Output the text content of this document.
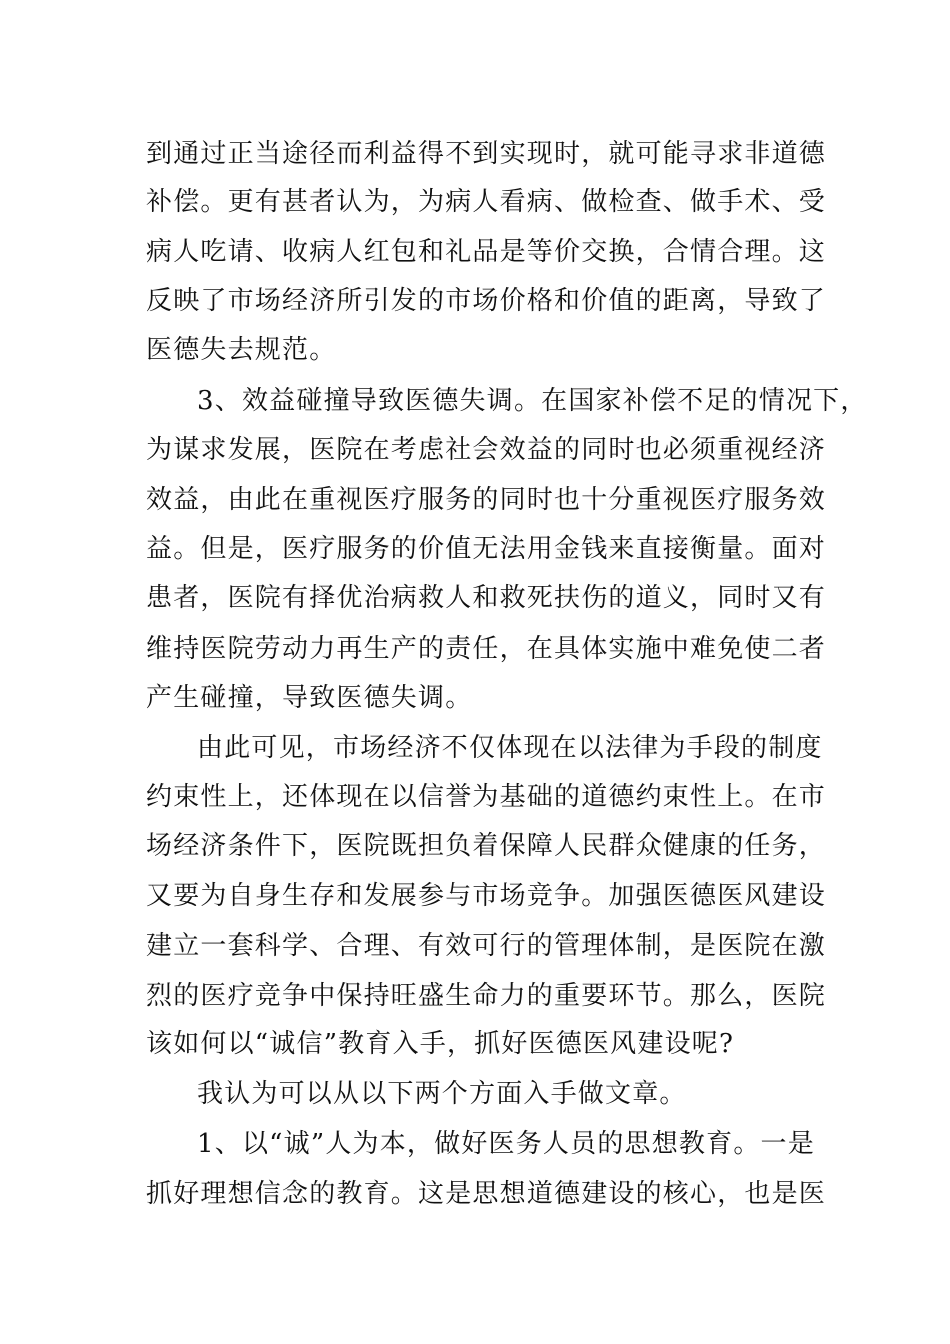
到通过正当途径而利益得不到实现时，就可能寻求非道德

补偿。更有甚者认为，为病人看病、做检查、做手术、受

病人吃请、收病人红包和礼品是等价交换，合情合理。这

反映了市场经济所引发的市场价格和价值的距离，导致了

医德失去规范。

3、效益碰撞导致医德失调。在国家补偿不足的情况下，

为谋求发展，医院在考虑社会效益的同时也必须重视经济

效益，由此在重视医疗服务的同时也十分重视医疗服务效

益。但是，医疗服务的价值无法用金钱来直接衡量。面对

患者，医院有择优治病救人和救死扶伤的道义，同时又有

维持医院劳动力再生产的责任，在具体实施中难免使二者

产生碰撞，导致医德失调。

由此可见，市场经济不仅体现在以法律为手段的制度

约束性上，还体现在以信誉为基础的道德约束性上。在市

场经济条件下，医院既担负着保障人民群众健康的任务，

又要为自身生存和发展参与市场竞争。加强医德医风建设

建立一套科学、合理、有效可行的管理体制，是医院在激

烈的医疗竞争中保持旺盛生命力的重要环节。那么，医院

该如何以“诚信”教育入手，抓好医德医风建设呢?

我认为可以从以下两个方面入手做文章。

1、以“诚”人为本，做好医务人员的思想教育。一是

抓好理想信念的教育。这是思想道德建设的核心，也是医
